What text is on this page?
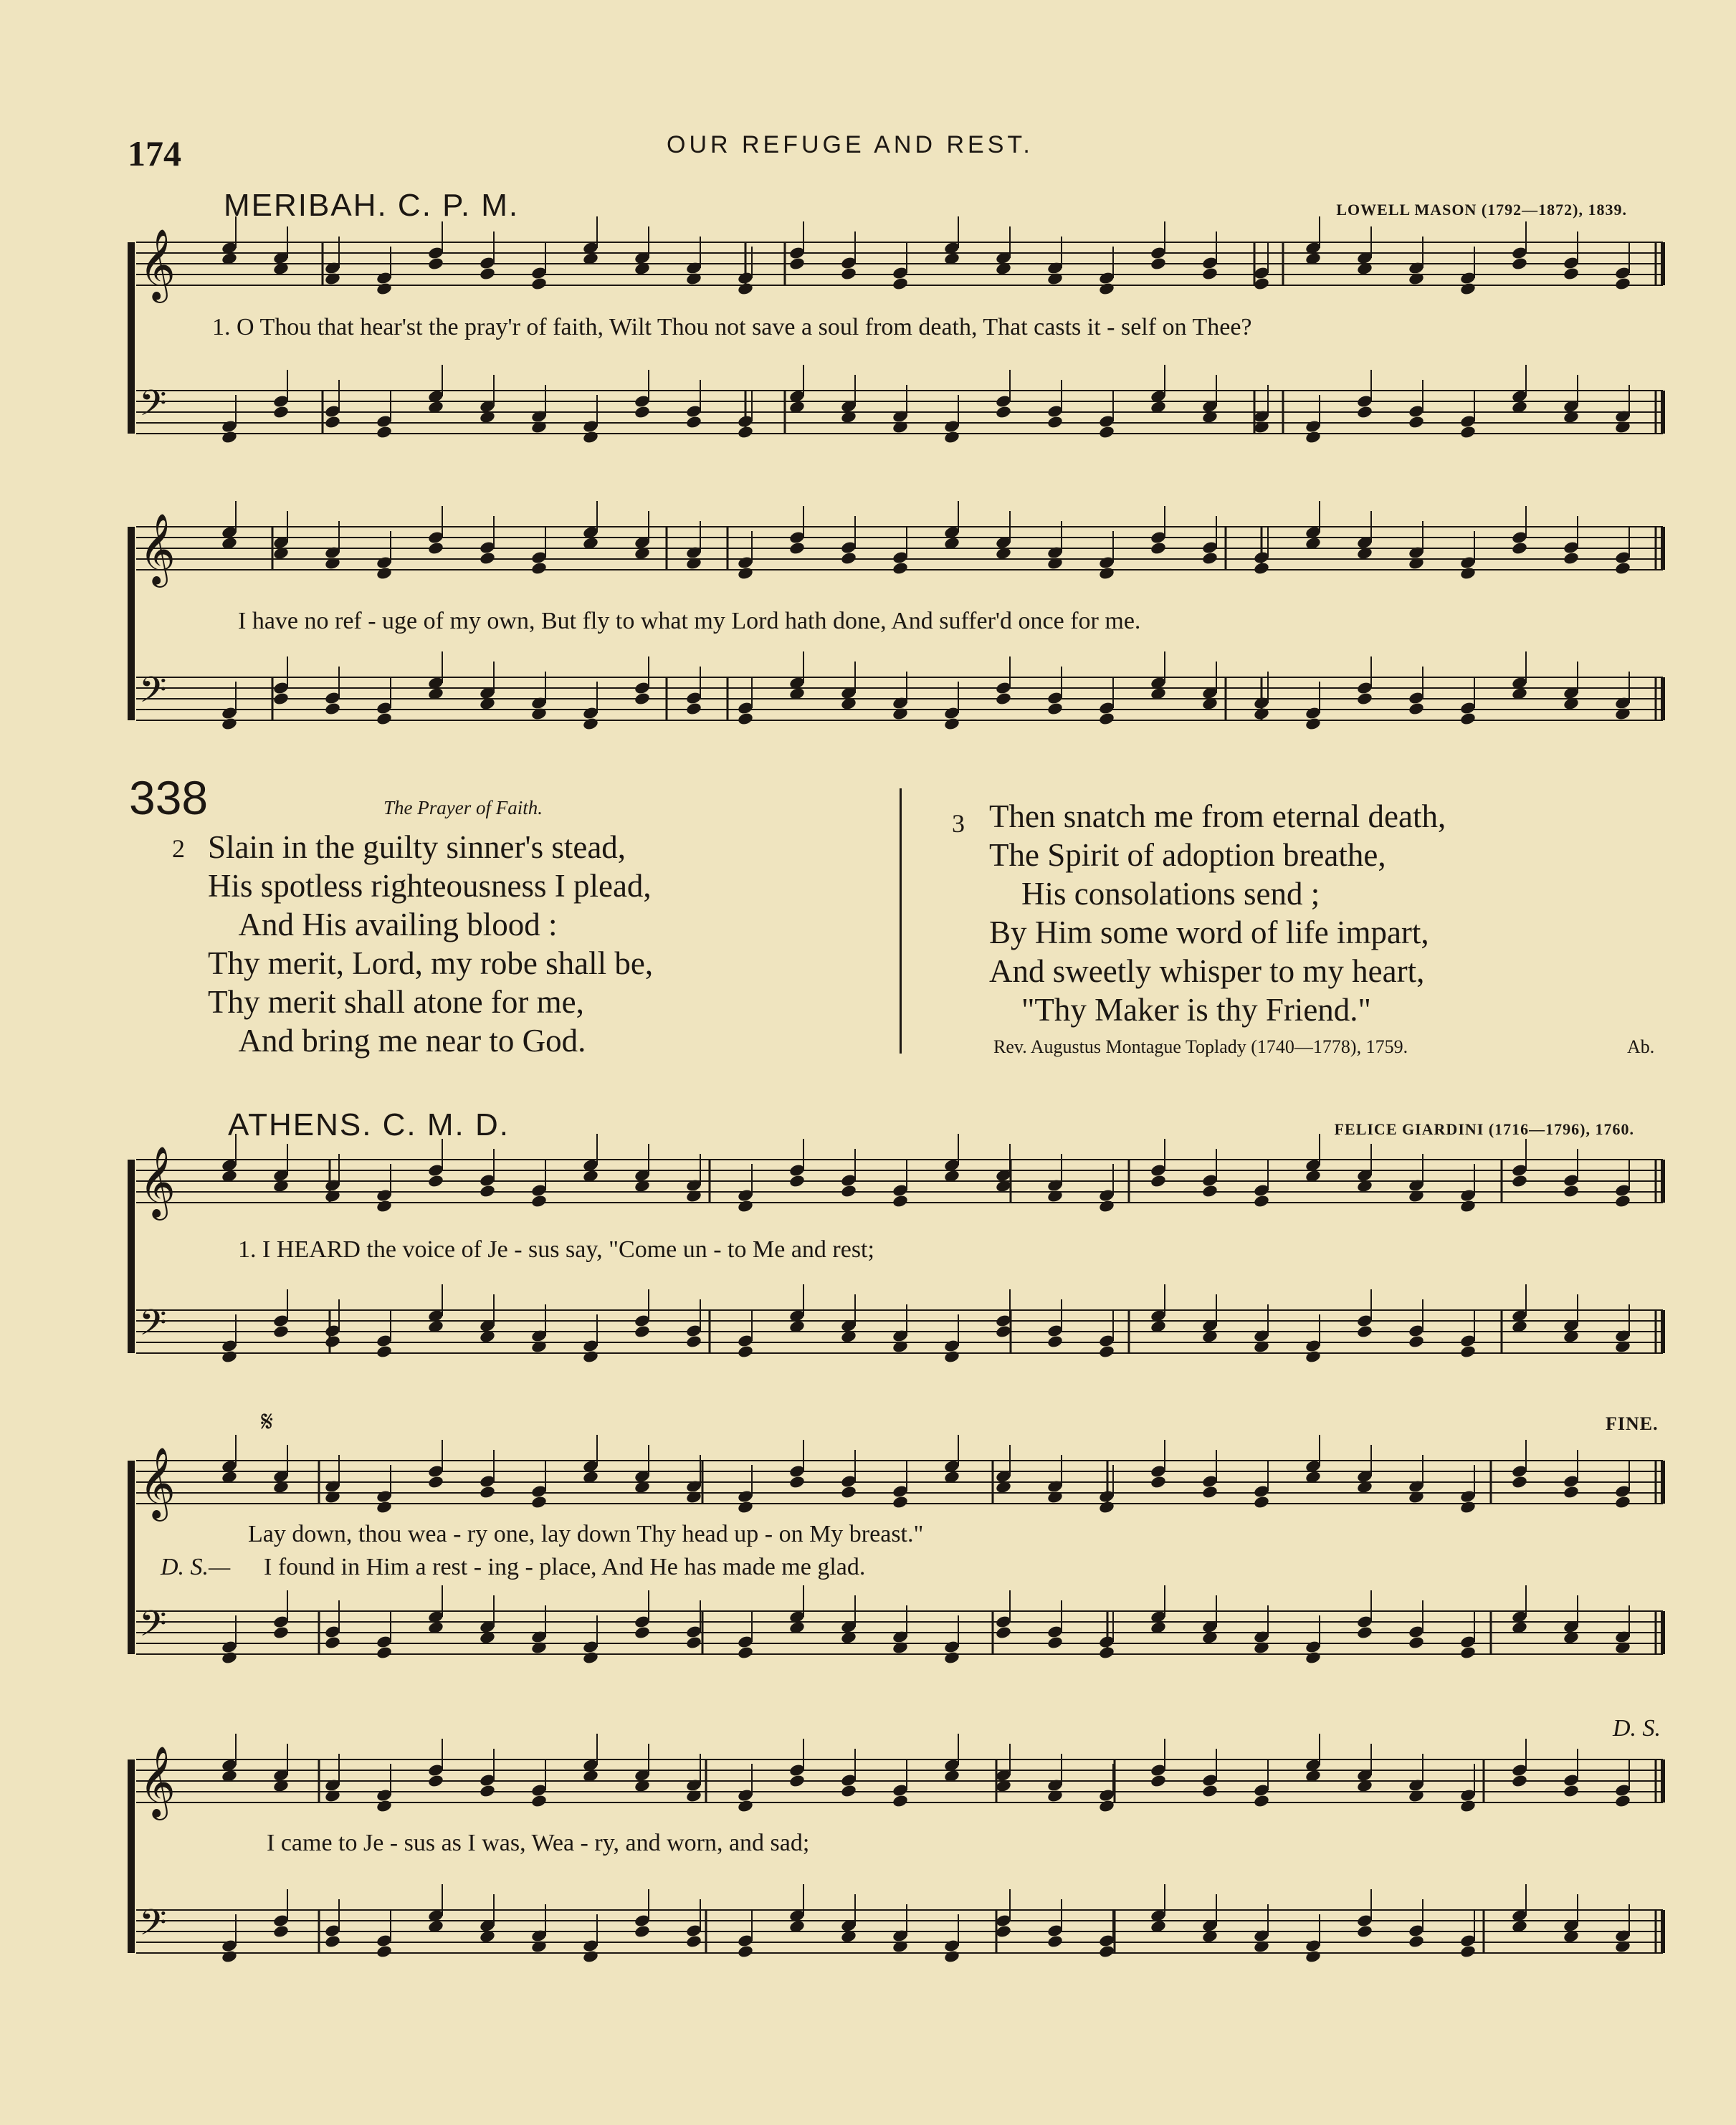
174	OUR REFUGE AND REST.
MERIBAH. C. P. M.	LOWELL MASON (1792—1872), 1839.
𝄞
𝄢
𝄞
𝄢
𝄞
𝄢
𝄞
𝄢
𝄞
𝄢
1. O Thou that hear'st the pray'r of faith, Wilt Thou not save a soul from death, That casts it - self on Thee?
I have no ref - uge of my own, But fly to what my Lord hath done, And suffer'd once for me.
338	The Prayer of Faith.
2 Slain in the guilty sinner's stead,
His spotless righteousness I plead,
And His availing blood :
Thy merit, Lord, my robe shall be,
Thy merit shall atone for me,
And bring me near to God.
3 Then snatch me from eternal death,
The Spirit of adoption breathe,
His consolations send ;
By Him some word of life impart,
And sweetly whisper to my heart,
"Thy Maker is thy Friend."
Rev. Augustus Montague Toplady (1740—1778), 1759.	Ab.
ATHENS. C. M. D.	FELICE GIARDINI (1716—1796), 1760.
1. I HEARD the voice of Je - sus say, "Come un - to Me and rest;
𝄋	FINE.
Lay down, thou wea - ry one, lay down Thy head up - on My breast."
D. S.— I found in Him a rest - ing - place, And He has made me glad.
D. S.
I came to Je - sus as I was, Wea - ry, and worn, and sad;
